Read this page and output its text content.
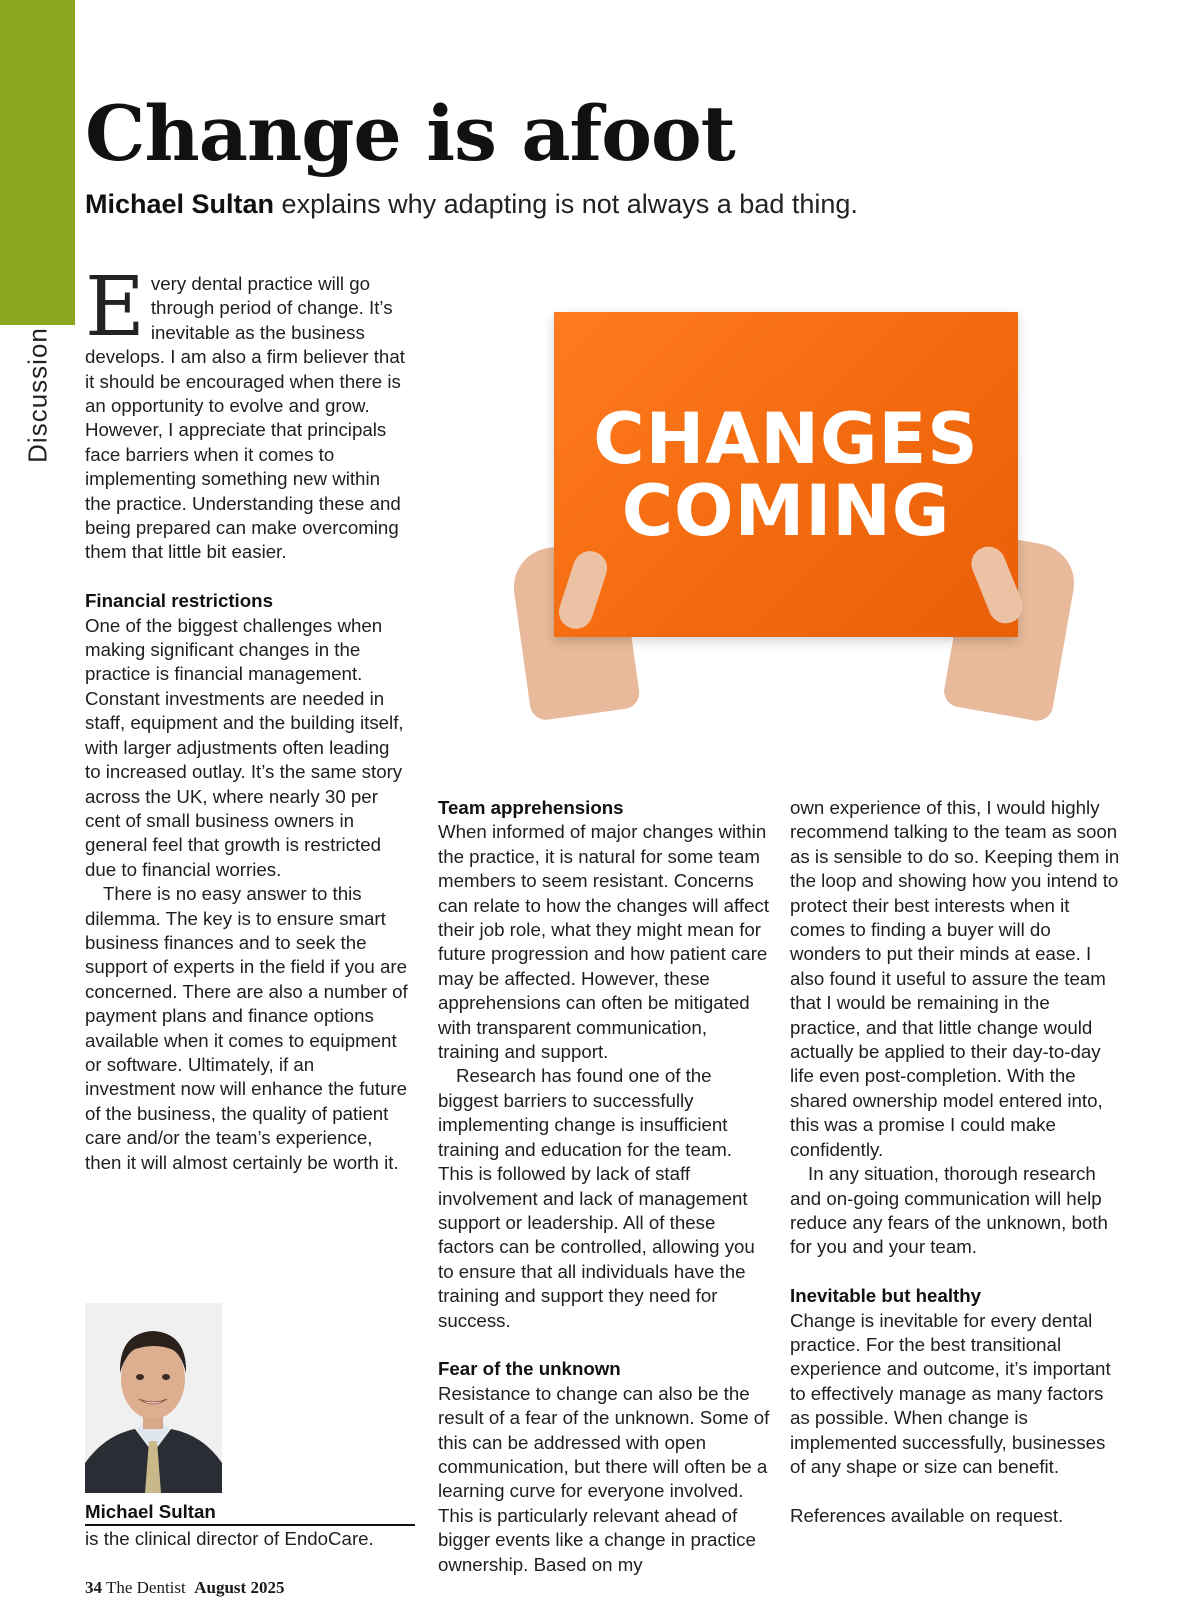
Discussion
Change is afoot
Michael Sultan explains why adapting is not always a bad thing.

Every dental practice will go through period of change. It’s inevitable as the business develops. I am also a firm believer that it should be encouraged when there is an opportunity to evolve and grow. However, I appreciate that principals face barriers when it comes to implementing something new within the practice. Understanding these and being prepared can make overcoming them that little bit easier.

Financial restrictions

One of the biggest challenges when making significant changes in the practice is financial management. Constant investments are needed in staff, equipment and the building itself, with larger adjustments often leading to increased outlay. It’s the same story across the UK, where nearly 30 per cent of small business owners in general feel that growth is restricted due to financial worries.

There is no easy answer to this dilemma. The key is to ensure smart business finances and to seek the support of experts in the field if you are concerned. There are also a number of payment plans and finance options available when it comes to equipment or software. Ultimately, if an investment now will enhance the future of the business, the quality of patient care and/or the team’s experience, then it will almost certainly be worth it.

CHANGES
COMING
Team apprehensions

When informed of major changes within the practice, it is natural for some team members to seem resistant. Concerns can relate to how the changes will affect their job role, what they might mean for future progression and how patient care may be affected. However, these apprehensions can often be mitigated with transparent communication, training and support.

Research has found one of the biggest barriers to successfully implementing change is insufficient training and education for the team. This is followed by lack of staff involvement and lack of management support or leadership. All of these factors can be controlled, allowing you to ensure that all individuals have the training and support they need for success.

Fear of the unknown

Resistance to change can also be the result of a fear of the unknown. Some of this can be addressed with open communication, but there will often be a learning curve for everyone involved. This is particularly relevant ahead of bigger events like a change in practice ownership. Based on my

own experience of this, I would highly recommend talking to the team as soon as is sensible to do so. Keeping them in the loop and showing how you intend to protect their best interests when it comes to finding a buyer will do wonders to put their minds at ease. I also found it useful to assure the team that I would be remaining in the practice, and that little change would actually be applied to their day-to-day life even post-completion. With the shared ownership model entered into, this was a promise I could make confidently.

In any situation, thorough research and on-going communication will help reduce any fears of the unknown, both for you and your team.

Inevitable but healthy

Change is inevitable for every dental practice. For the best transitional experience and outcome, it’s important to effectively manage as many factors as possible. When change is implemented successfully, businesses of any shape or size can benefit.

References available on request.

Michael Sultan
is the clinical director of EndoCare.
34 The Dentist August 2025
